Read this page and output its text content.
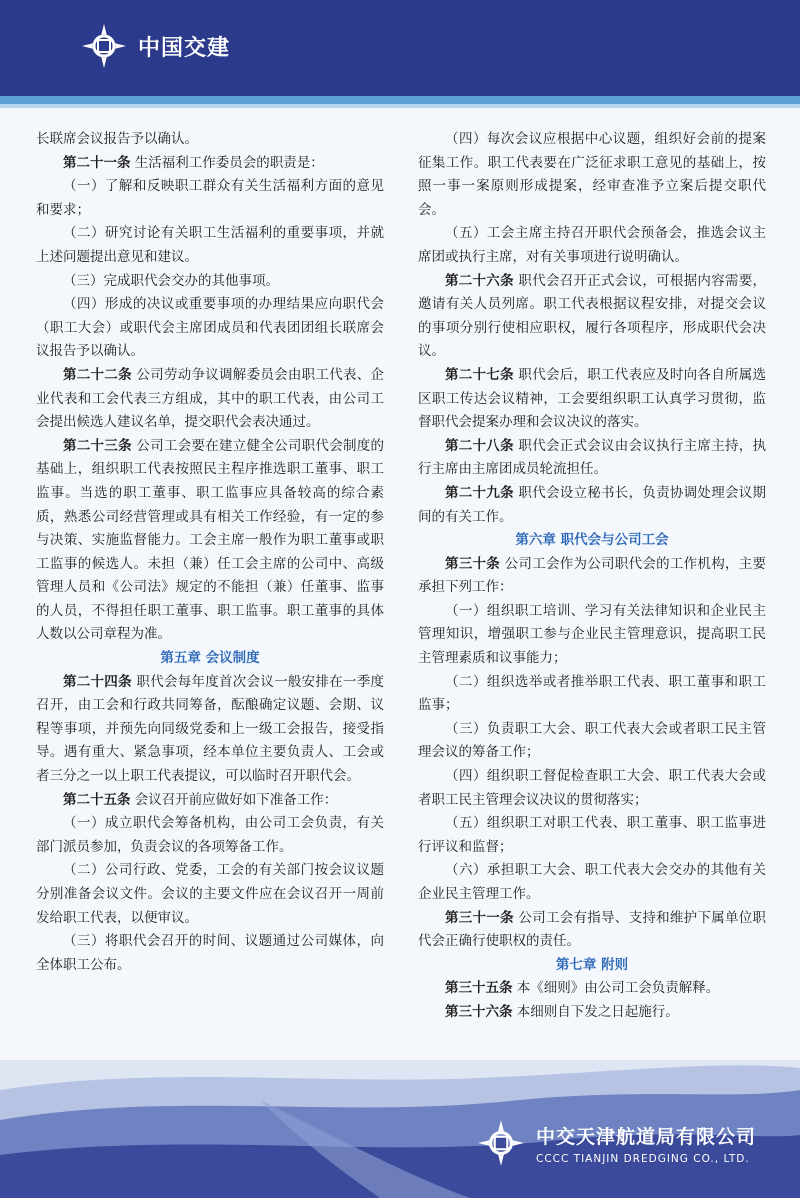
中国交建

长联席会议报告予以确认。

第二十一条 生活福利工作委员会的职责是：

（一）了解和反映职工群众有关生活福利方面的意见和要求；

（二）研究讨论有关职工生活福利的重要事项，并就上述问题提出意见和建议。

（三）完成职代会交办的其他事项。

（四）形成的决议或重要事项的办理结果应向职代会（职工大会）或职代会主席团成员和代表团团组长联席会议报告予以确认。

第二十二条 公司劳动争议调解委员会由职工代表、企业代表和工会代表三方组成，其中的职工代表，由公司工会提出候选人建议名单，提交职代会表决通过。

第二十三条 公司工会要在建立健全公司职代会制度的基础上，组织职工代表按照民主程序推选职工董事、职工监事。当选的职工董事、职工监事应具备较高的综合素质，熟悉公司经营管理或具有相关工作经验，有一定的参与决策、实施监督能力。工会主席一般作为职工董事或职工监事的候选人。未担（兼）任工会主席的公司中、高级管理人员和《公司法》规定的不能担（兼）任董事、监事的人员，不得担任职工董事、职工监事。职工董事的具体人数以公司章程为准。

第五章 会议制度

第二十四条 职代会每年度首次会议一般安排在一季度召开，由工会和行政共同筹备，酝酿确定议题、会期、议程等事项，并预先向同级党委和上一级工会报告，接受指导。遇有重大、紧急事项，经本单位主要负责人、工会或者三分之一以上职工代表提议，可以临时召开职代会。

第二十五条 会议召开前应做好如下准备工作：

（一）成立职代会筹备机构，由公司工会负责，有关部门派员参加，负责会议的各项筹备工作。

（二）公司行政、党委，工会的有关部门按会议议题分别准备会议文件。会议的主要文件应在会议召开一周前发给职工代表，以便审议。

（三）将职代会召开的时间、议题通过公司媒体，向全体职工公布。

（四）每次会议应根据中心议题，组织好会前的提案征集工作。职工代表要在广泛征求职工意见的基础上，按照一事一案原则形成提案，经审查准予立案后提交职代会。

（五）工会主席主持召开职代会预备会，推选会议主席团或执行主席，对有关事项进行说明确认。

第二十六条 职代会召开正式会议，可根据内容需要，邀请有关人员列席。职工代表根据议程安排，对提交会议的事项分别行使相应职权，履行各项程序，形成职代会决议。

第二十七条 职代会后，职工代表应及时向各自所属选区职工传达会议精神，工会要组织职工认真学习贯彻，监督职代会提案办理和会议决议的落实。

第二十八条 职代会正式会议由会议执行主席主持，执行主席由主席团成员轮流担任。

第二十九条 职代会设立秘书长，负责协调处理会议期间的有关工作。

第六章 职代会与公司工会

第三十条 公司工会作为公司职代会的工作机构，主要承担下列工作：

（一）组织职工培训、学习有关法律知识和企业民主管理知识，增强职工参与企业民主管理意识，提高职工民主管理素质和议事能力；

（二）组织选举或者推举职工代表、职工董事和职工监事；

（三）负责职工大会、职工代表大会或者职工民主管理会议的筹备工作；

（四）组织职工督促检查职工大会、职工代表大会或者职工民主管理会议决议的贯彻落实；

（五）组织职工对职工代表、职工董事、职工监事进行评议和监督；

（六）承担职工大会、职工代表大会交办的其他有关企业民主管理工作。

第三十一条 公司工会有指导、支持和维护下属单位职代会正确行使职权的责任。

第七章 附则

第三十五条 本《细则》由公司工会负责解释。

第三十六条 本细则自下发之日起施行。

中交天津航道局有限公司
CCCC TIANJIN DREDGING CO., LTD.
